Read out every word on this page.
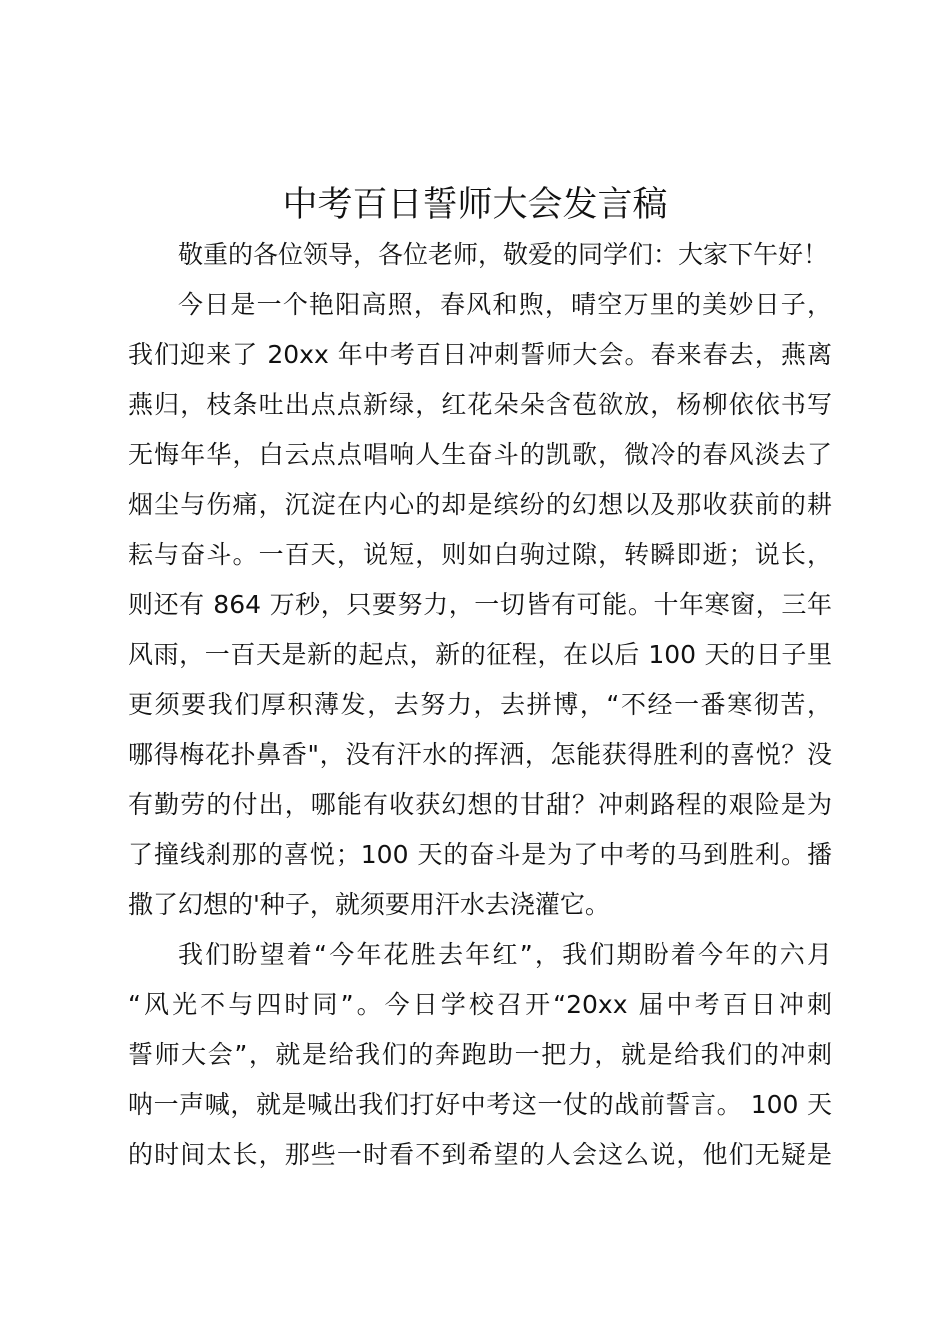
中考百日誓师大会发言稿
敬重的各位领导，各位老师，敬爱的同学们：大家下午好！
今日是一个艳阳高照，春风和煦，晴空万里的美妙日子，
我们迎来了 20xx 年中考百日冲刺誓师大会。春来春去，燕离
燕归，枝条吐出点点新绿，红花朵朵含苞欲放，杨柳依依书写
无悔年华，白云点点唱响人生奋斗的凯歌，微冷的春风淡去了
烟尘与伤痛，沉淀在内心的却是缤纷的幻想以及那收获前的耕
耘与奋斗。一百天，说短，则如白驹过隙，转瞬即逝；说长，
则还有 864 万秒，只要努力，一切皆有可能。十年寒窗，三年
风雨，一百天是新的起点，新的征程，在以后 100 天的日子里
更须要我们厚积薄发，去努力，去拼博，“不经一番寒彻苦，
哪得梅花扑鼻香"，没有汗水的挥洒，怎能获得胜利的喜悦？没
有勤劳的付出，哪能有收获幻想的甘甜？冲刺路程的艰险是为
了撞线刹那的喜悦；100 天的奋斗是为了中考的马到胜利。播
撒了幻想的'种子，就须要用汗水去浇灌它。
我们盼望着“今年花胜去年红”，我们期盼着今年的六月
“风光不与四时同”。今日学校召开“20xx 届中考百日冲刺
誓师大会”，就是给我们的奔跑助一把力，就是给我们的冲刺
呐一声喊，就是喊出我们打好中考这一仗的战前誓言。 100 天
的时间太长，那些一时看不到希望的人会这么说，他们无疑是
